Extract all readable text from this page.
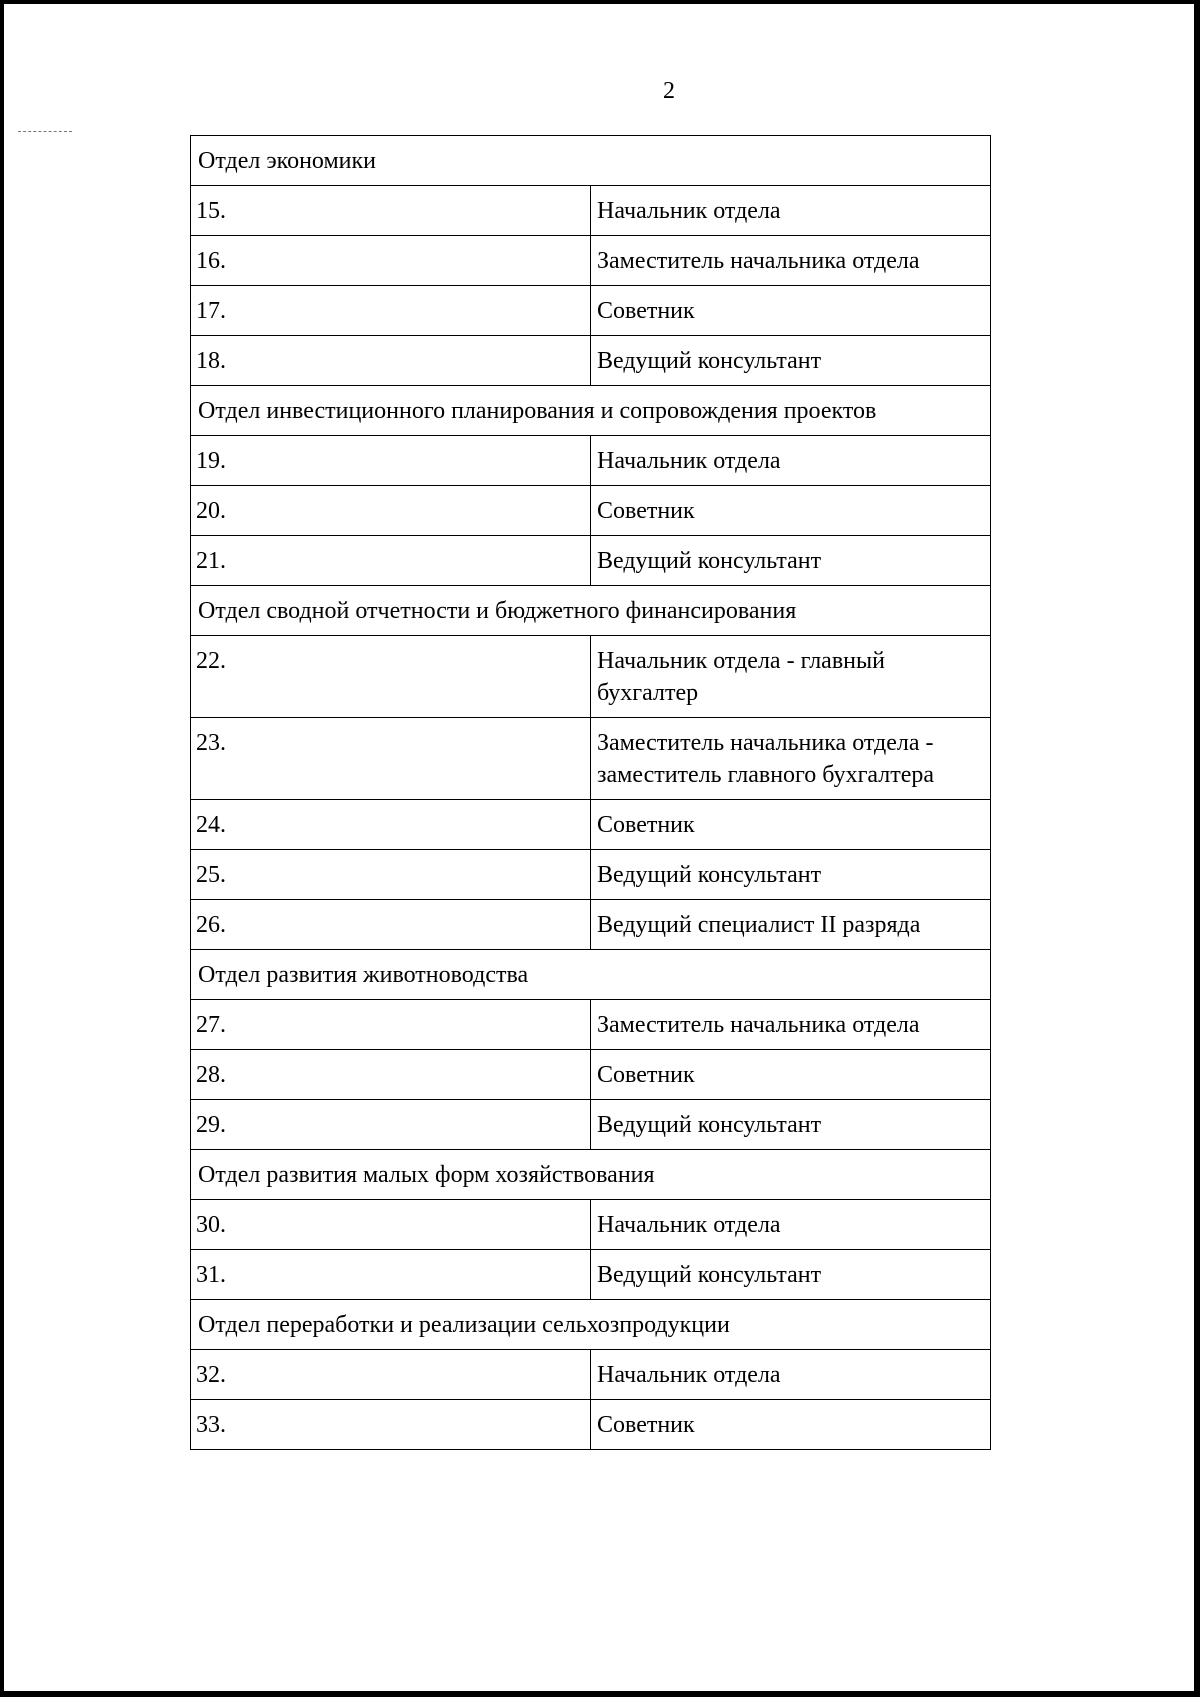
2
Отдел экономики	
15.	Начальник отдела
16.	Заместитель начальника отдела
17.	Советник
18.	Ведущий консультант
Отдел инвестиционного планирования и сопровождения проектов	
19.	Начальник отдела
20.	Советник
21.	Ведущий консультант
Отдел сводной отчетности и бюджетного финансирования	
22.	Начальник отдела - главный бухгалтер
23.	Заместитель начальника отдела - заместитель главного бухгалтера
24.	Советник
25.	Ведущий консультант
26.	Ведущий специалист II разряда
Отдел развития животноводства	
27.	Заместитель начальника отдела
28.	Советник
29.	Ведущий консультант
Отдел развития малых форм хозяйствования	
30.	Начальник отдела
31.	Ведущий консультант
Отдел переработки и реализации сельхозпродукции	
32.	Начальник отдела
33.	Советник
